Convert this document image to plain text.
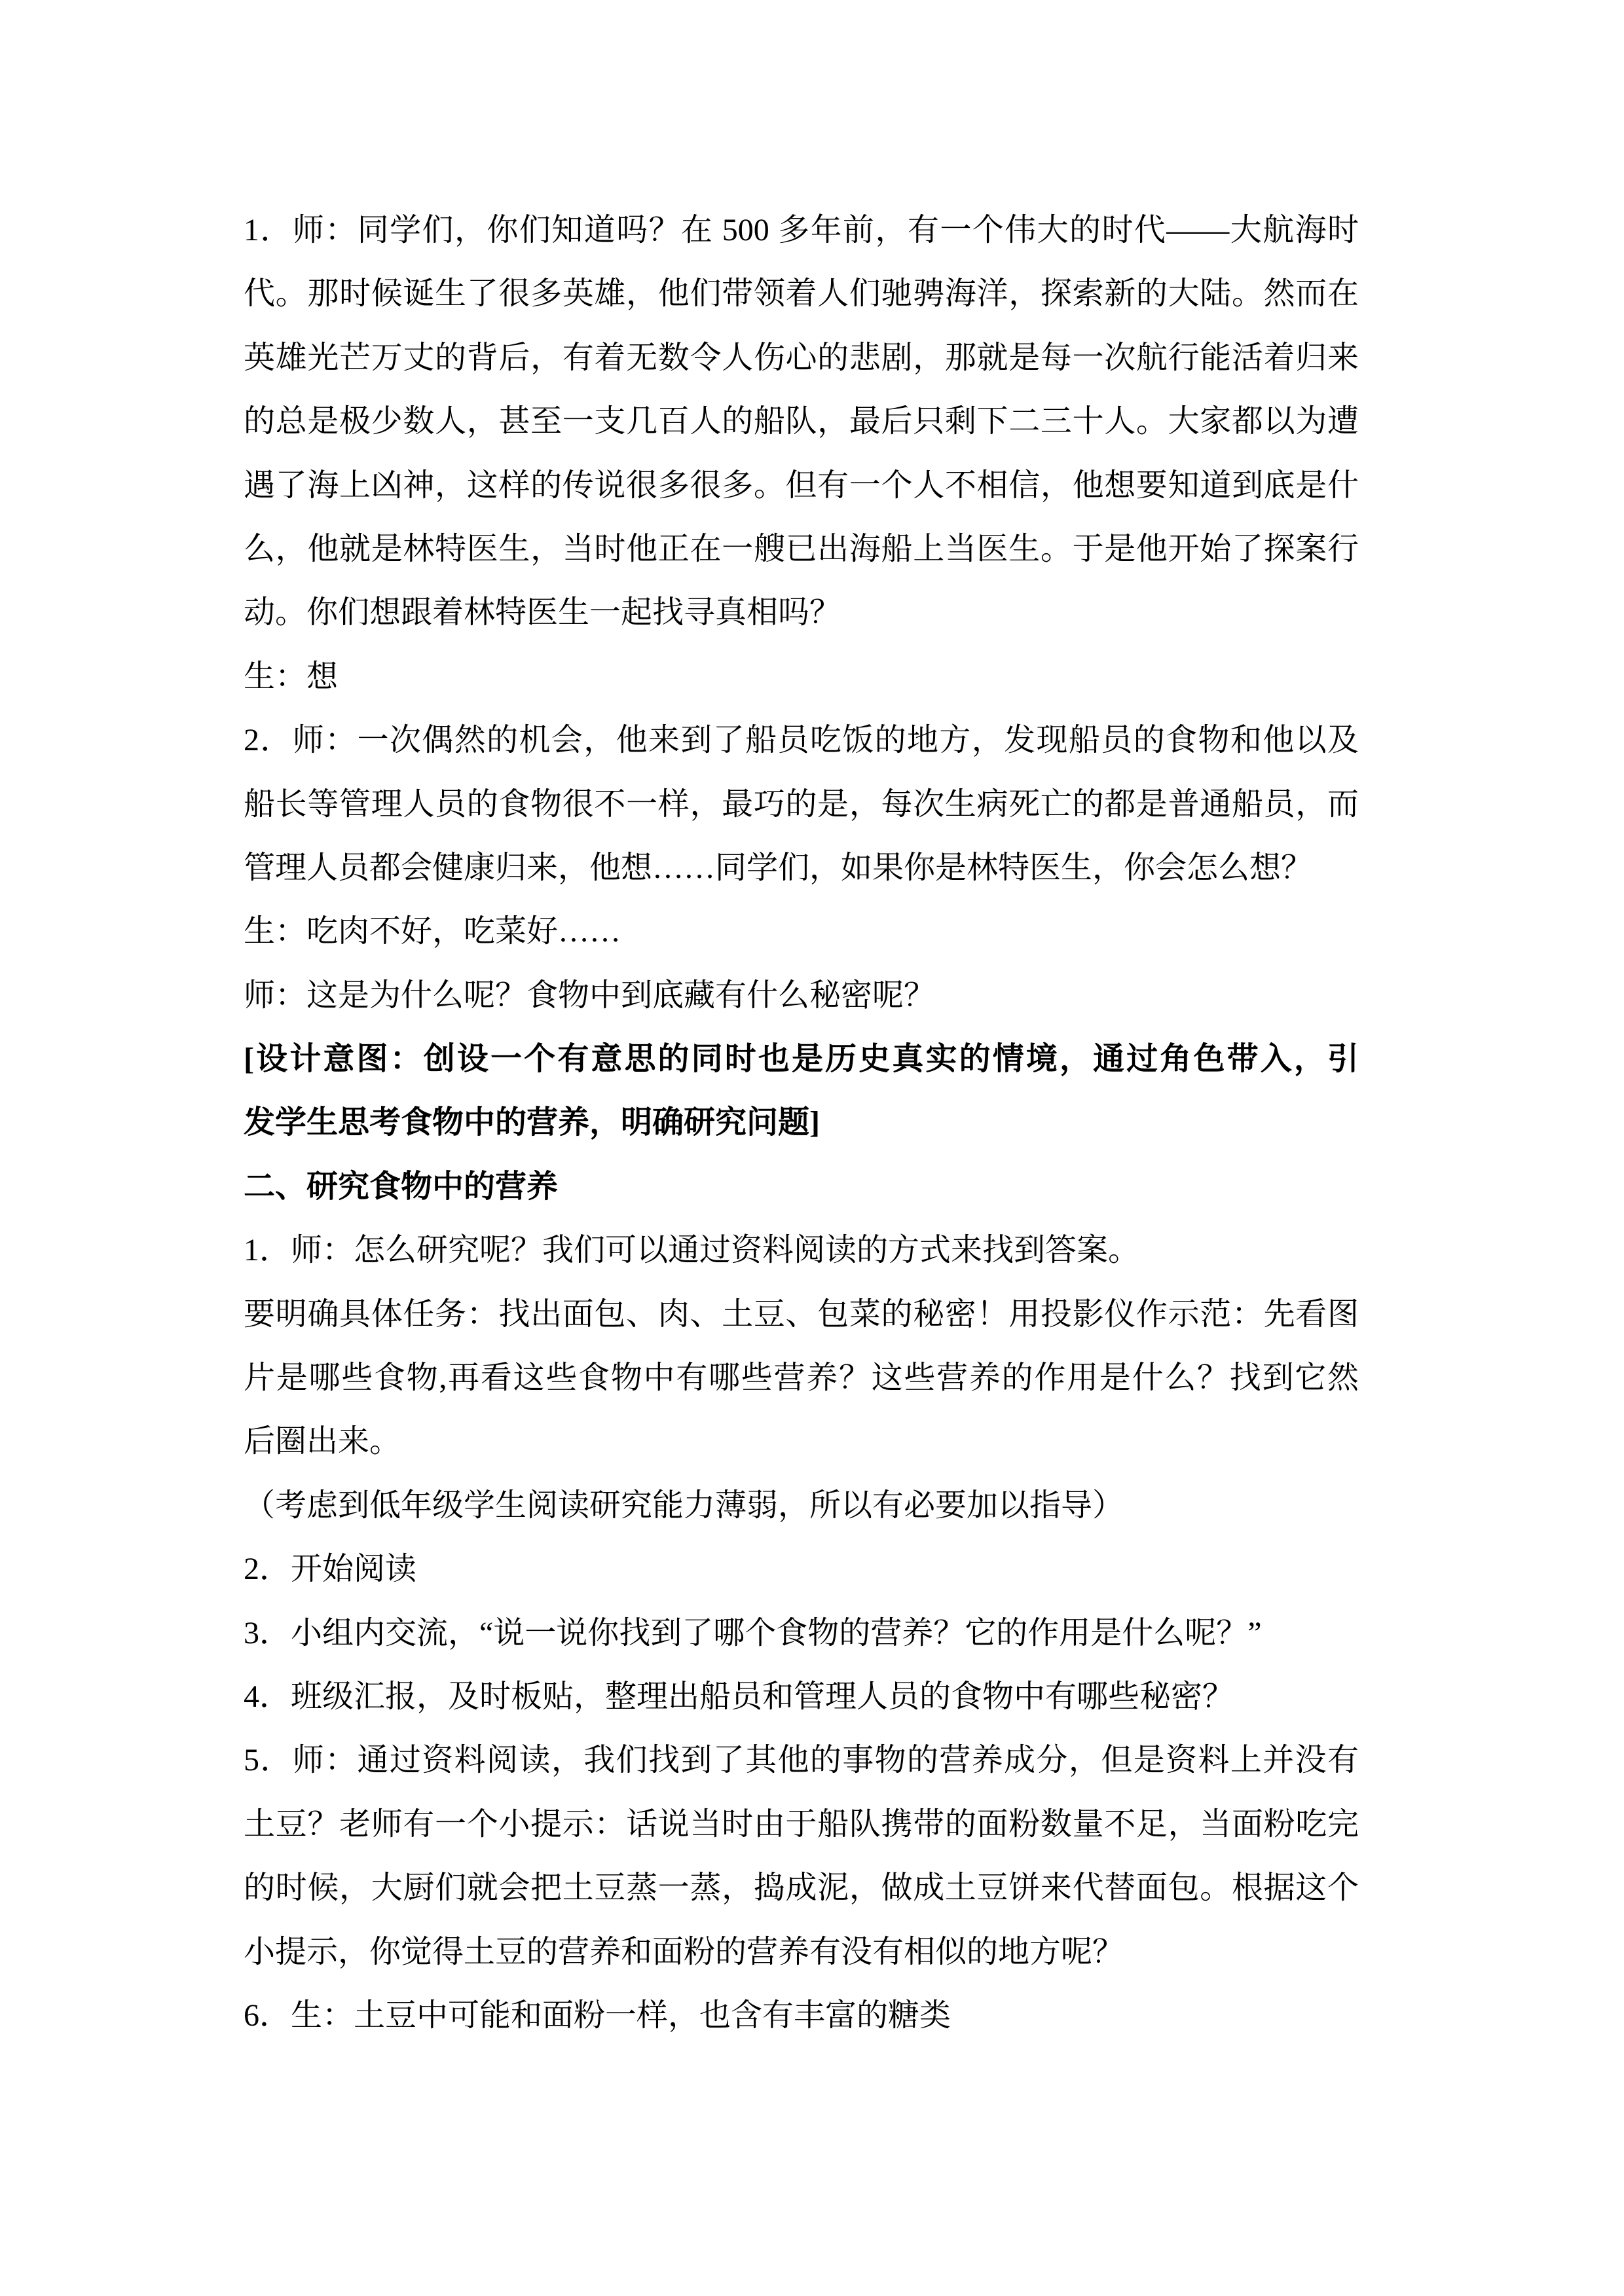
1．师：同学们，你们知道吗？在 500 多年前，有一个伟大的时代——大航海时

代。那时候诞生了很多英雄，他们带领着人们驰骋海洋，探索新的大陆。然而在

英雄光芒万丈的背后，有着无数令人伤心的悲剧，那就是每一次航行能活着归来

的总是极少数人，甚至一支几百人的船队，最后只剩下二三十人。大家都以为遭

遇了海上凶神，这样的传说很多很多。但有一个人不相信，他想要知道到底是什

么，他就是林特医生，当时他正在一艘已出海船上当医生。于是他开始了探案行

动。你们想跟着林特医生一起找寻真相吗？

生：想

2．师：一次偶然的机会，他来到了船员吃饭的地方，发现船员的食物和他以及

船长等管理人员的食物很不一样，最巧的是，每次生病死亡的都是普通船员，而

管理人员都会健康归来，他想……同学们，如果你是林特医生，你会怎么想？

生：吃肉不好，吃菜好……

师：这是为什么呢？食物中到底藏有什么秘密呢？

[设计意图：创设一个有意思的同时也是历史真实的情境，通过角色带入，引

发学生思考食物中的营养，明确研究问题]

二、研究食物中的营养

1．师：怎么研究呢？我们可以通过资料阅读的方式来找到答案。

要明确具体任务：找出面包、肉、土豆、包菜的秘密！用投影仪作示范：先看图

片是哪些食物,再看这些食物中有哪些营养？这些营养的作用是什么？找到它然

后圈出来。

（考虑到低年级学生阅读研究能力薄弱，所以有必要加以指导）

2．开始阅读

3．小组内交流，“说一说你找到了哪个食物的营养？它的作用是什么呢？”

4．班级汇报，及时板贴，整理出船员和管理人员的食物中有哪些秘密？

5．师：通过资料阅读，我们找到了其他的事物的营养成分，但是资料上并没有

土豆？老师有一个小提示：话说当时由于船队携带的面粉数量不足，当面粉吃完

的时候，大厨们就会把土豆蒸一蒸，捣成泥，做成土豆饼来代替面包。根据这个

小提示，你觉得土豆的营养和面粉的营养有没有相似的地方呢？

6．生：土豆中可能和面粉一样，也含有丰富的糖类
